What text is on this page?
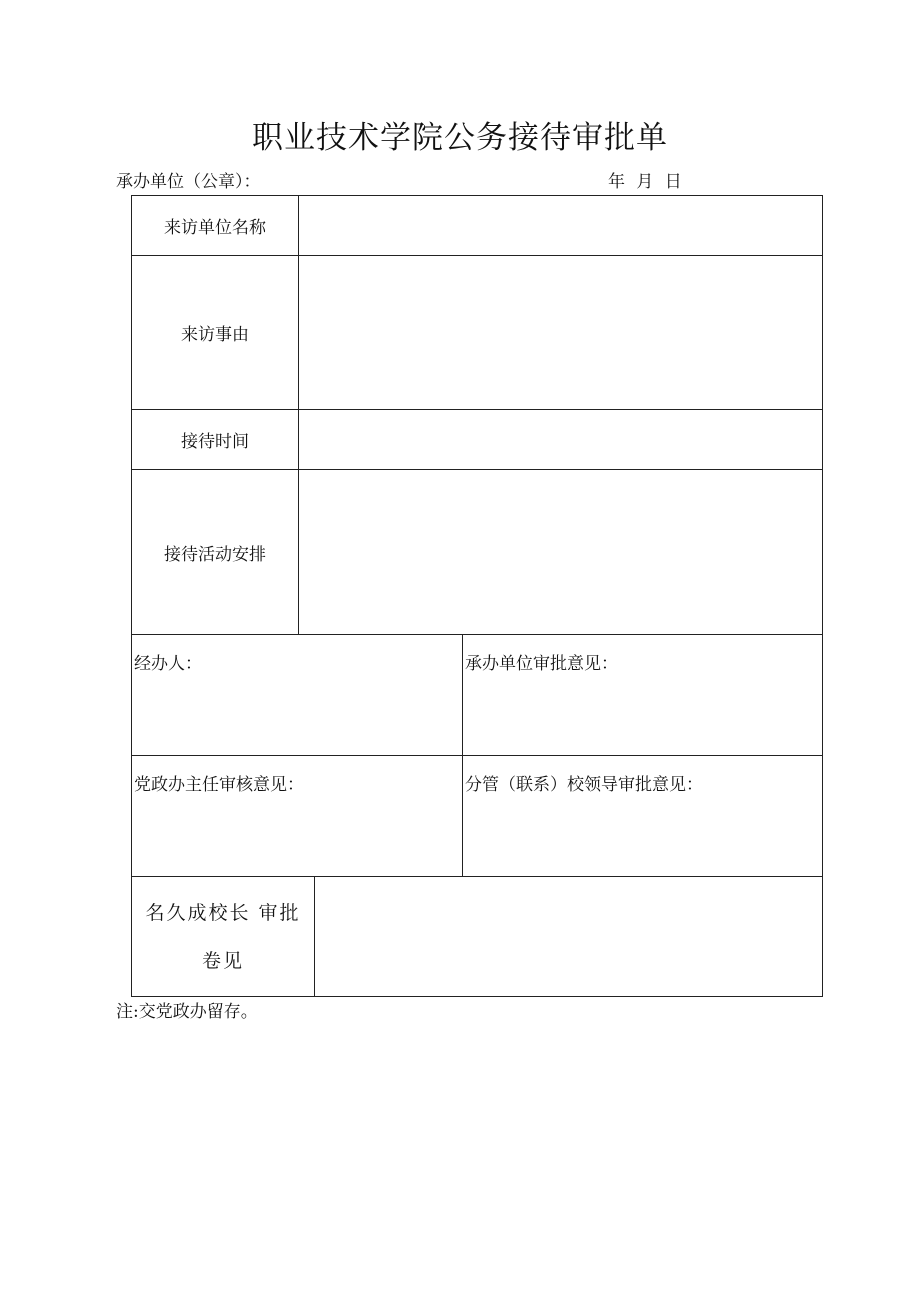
职业技术学院公务接待审批单
承办单位（公章）：	年 月 日
来访单位名称			
来访事由			
接待时间			
接待活动安排			
经办人：			承办单位审批意见：
党政办主任审核意见：			分管（联系）校领导审批意见：

名久成校长 审批
卷见			

注:交党政办留存。
